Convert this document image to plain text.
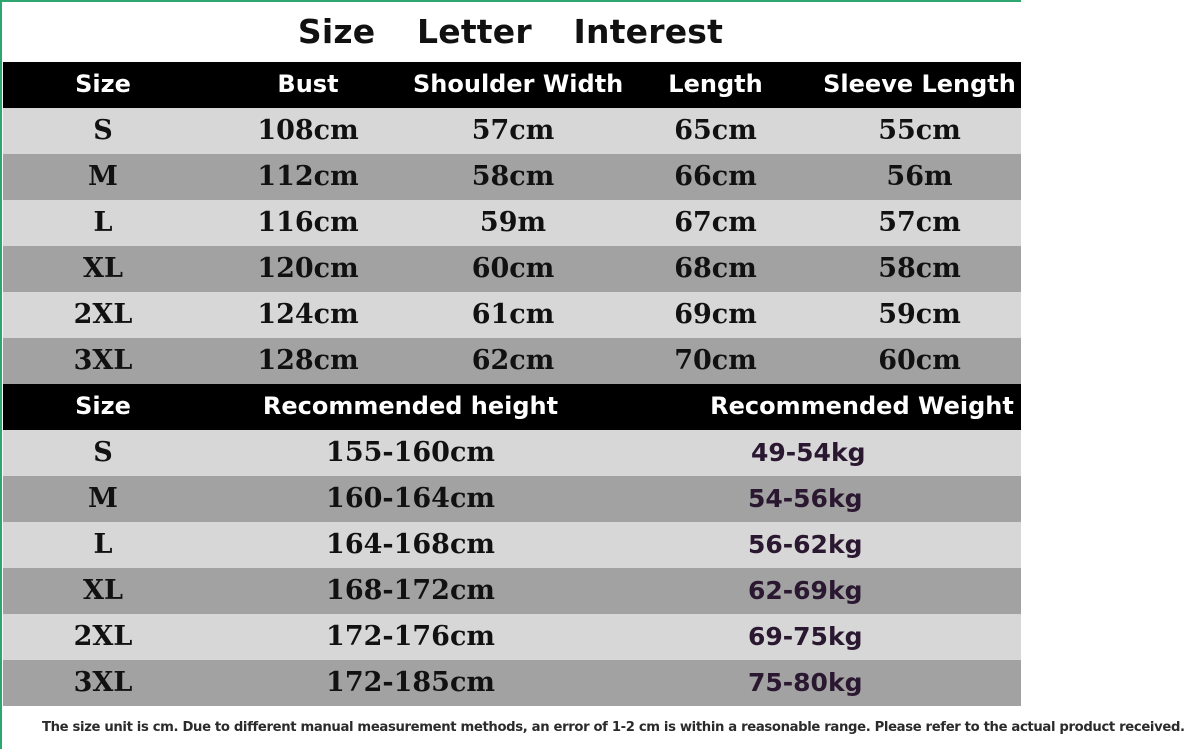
Size Letter Interest
Size	Bust	Shoulder Width	Length	Sleeve Length
S	108cm	57cm	65cm	55cm
M	112cm	58cm	66cm	56m
L	116cm	59m	67cm	57cm
XL	120cm	60cm	68cm	58cm
2XL	124cm	61cm	69cm	59cm
3XL	128cm	62cm	70cm	60cm
Size	Recommended height	Recommended Weight
S	155-160cm	49-54kg
M	160-164cm	54-56kg
L	164-168cm	56-62kg
XL	168-172cm	62-69kg
2XL	172-176cm	69-75kg
3XL	172-185cm	75-80kg
The size unit is cm. Due to different manual measurement methods, an error of 1-2 cm is within a reasonable range. Please refer to the actual product received.
